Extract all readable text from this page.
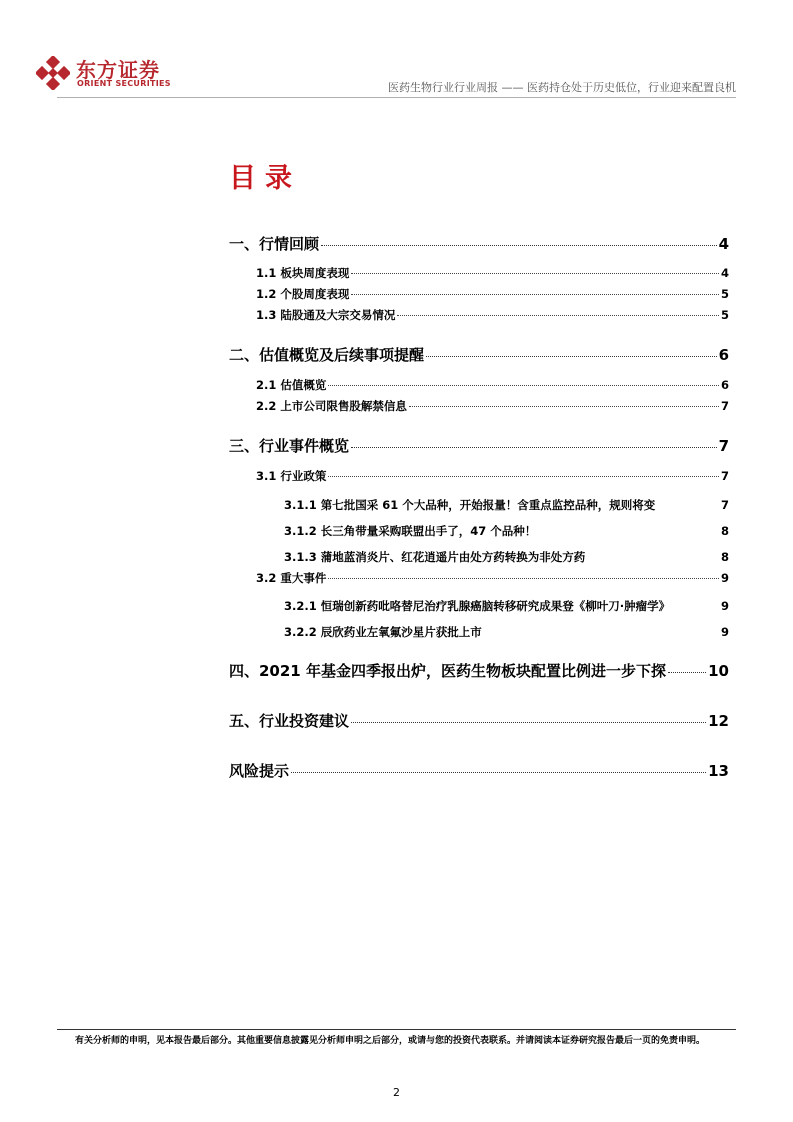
东方证券
ORIENT SECURITIES	医药生物行业行业周报 —— 医药持仓处于历史低位，行业迎来配置良机
目录
一、行情回顾	4
1.1 板块周度表现	4
1.2 个股周度表现	5
1.3 陆股通及大宗交易情况	5
二、估值概览及后续事项提醒	6
2.1 估值概览	6
2.2 上市公司限售股解禁信息	7
三、行业事件概览	7
3.1 行业政策	7
3.1.1 第七批国采 61 个大品种，开始报量！含重点监控品种，规则将变	7
3.1.2 长三角带量采购联盟出手了，47 个品种！	8
3.1.3 蒲地蓝消炎片、红花逍遥片由处方药转换为非处方药	8
3.2 重大事件	9
3.2.1 恒瑞创新药吡咯替尼治疗乳腺癌脑转移研究成果登《柳叶刀·肿瘤学》	9
3.2.2 辰欣药业左氧氟沙星片获批上市	9
四、2021 年基金四季报出炉，医药生物板块配置比例进一步下探	10
五、行业投资建议	12
风险提示	13
有关分析师的申明，见本报告最后部分。其他重要信息披露见分析师申明之后部分，或请与您的投资代表联系。并请阅读本证券研究报告最后一页的免责申明。
2
